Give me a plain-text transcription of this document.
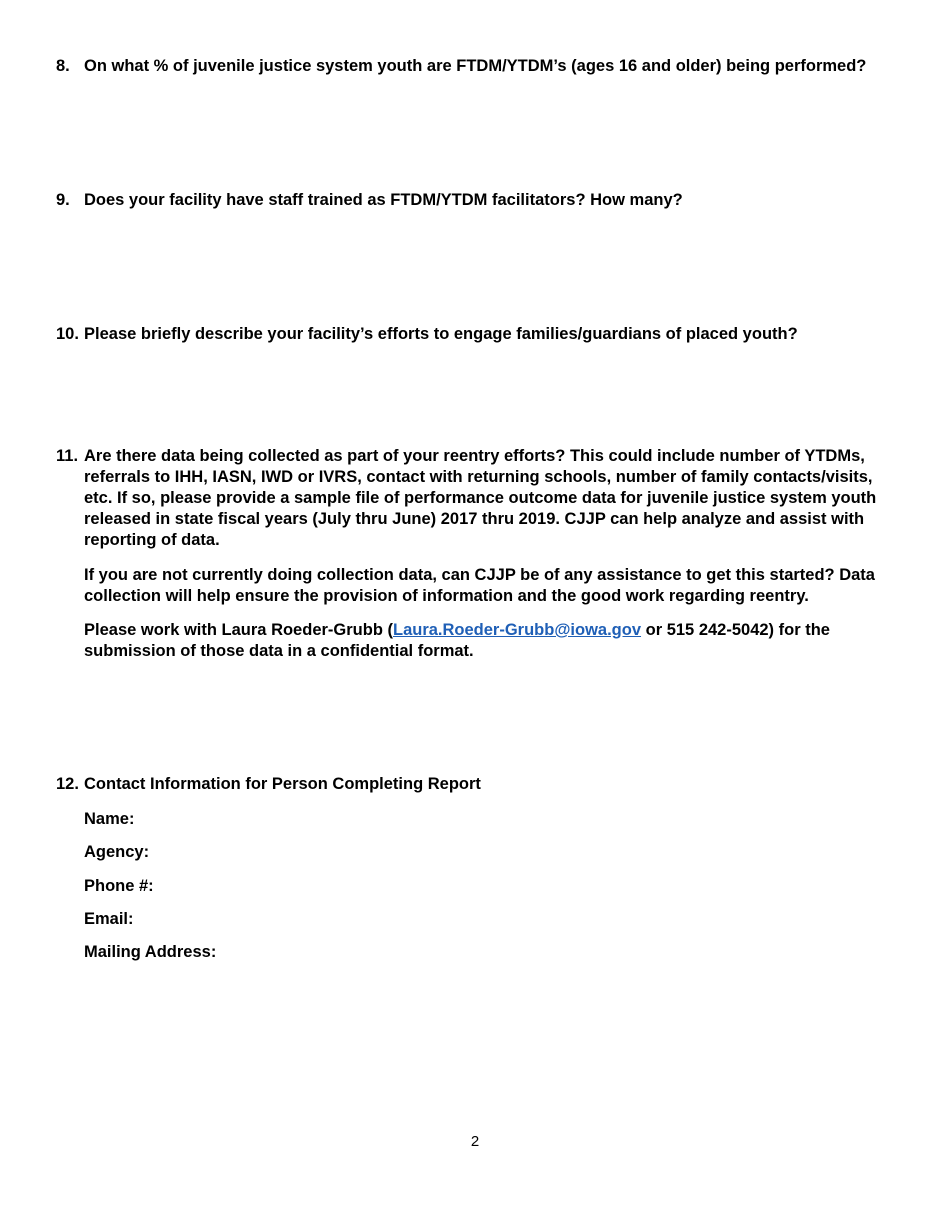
8. On what % of juvenile justice system youth are FTDM/YTDM’s (ages 16 and older) being performed?
9. Does your facility have staff trained as FTDM/YTDM facilitators? How many?
10. Please briefly describe your facility’s efforts to engage families/guardians of placed youth?
11. Are there data being collected as part of your reentry efforts? This could include number of YTDMs, referrals to IHH, IASN, IWD or IVRS, contact with returning schools, number of family contacts/visits, etc. If so, please provide a sample file of performance outcome data for juvenile justice system youth released in state fiscal years (July thru June) 2017 thru 2019. CJJP can help analyze and assist with reporting of data.
If you are not currently doing collection data, can CJJP be of any assistance to get this started? Data collection will help ensure the provision of information and the good work regarding reentry.
Please work with Laura Roeder-Grubb (Laura.Roeder-Grubb@iowa.gov or 515 242-5042) for the submission of those data in a confidential format.
12. Contact Information for Person Completing Report
Name:
Agency:
Phone #:
Email:
Mailing Address:
2
